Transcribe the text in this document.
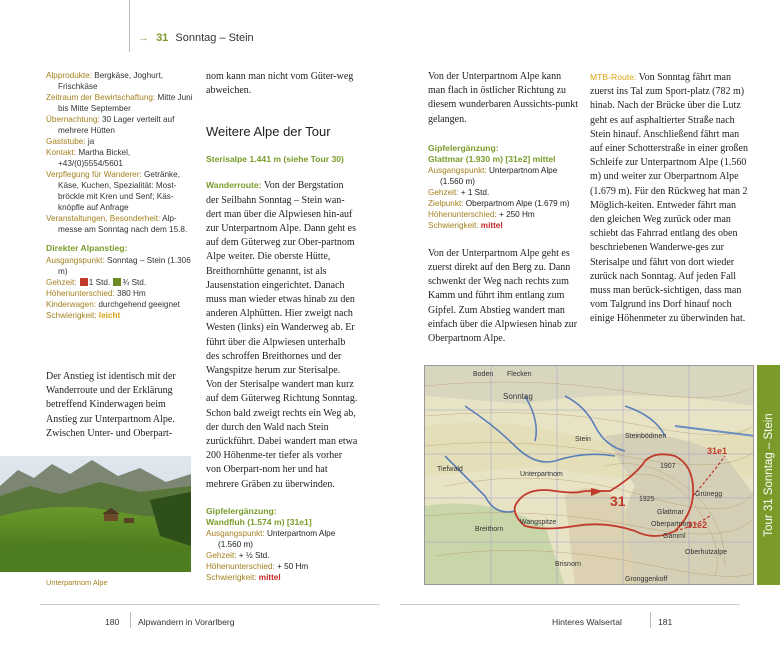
→ 31 Sonntag – Stein
Alpprodukte: Bergkäse, Joghurt, Frischkäse
Zeitraum der Bewirtschaftung: Mitte Juni bis Mitte September
Übernachtung: 30 Lager verteilt auf mehrere Hütten
Gaststube: ja
Kontakt: Martha Bickel, +43/(0)5554/5601
Verpflegung für Wanderer: Getränke, Käse, Kuchen, Spezialität: Most-bröckle mit Kren und Senf; Käs-knöpfle auf Anfrage
Veranstaltungen, Besonderheit: Alp-messe am Sonntag nach dem 15.8.
Direkter Alpanstieg:
Ausgangspunkt: Sonntag – Stein (1.306 m)
Gehzeit: 1 Std. ¾ Std.
Höhenunterschied: 380 Hm
Kinderwagen: durchgehend geeignet
Schwierigkeit: leicht
Der Anstieg ist identisch mit der Wanderroute und der Erklärung betreffend Kinderwagen beim Anstieg zur Unterpartnom Alpe. Zwischen Unter- und Oberpart-
Unterpartnom Alpe
nom kann man nicht vom Güter-weg abweichen.
Weitere Alpe der Tour
Sterisalpe 1.441 m (siehe Tour 30)
Wanderroute: Von der Bergstation der Seilbahn Sonntag – Stein wan-dert man über die Alpwiesen hin-auf zur Unterpartnom Alpe. Dann geht es auf dem Güterweg zur Ober-partnom Alpe weiter. Die oberste Hütte, Breithornhütte genannt, ist als Jausenstation eingerichtet. Danach muss man wieder etwas hinab zu den anderen Alphütten. Hier zweigt nach Westen (links) ein Wanderweg ab. Er führt über die Alpwiesen unterhalb des schroffen Breithornes und der Wangspitze herum zur Sterisalpe. Von der Sterisalpe wandert man kurz auf dem Güterweg Richtung Sonntag. Schon bald zweigt rechts ein Weg ab, der durch den Wald nach Stein zurückführt. Dabei wandert man etwa 200 Höhenme-ter tiefer als vorher von Oberpart-nom her und hat mehrere Gräben zu überwinden.
Gipfelergänzung:
Wandfluh (1.574 m) [31e1]
Ausgangspunkt: Unterpartnom Alpe (1.560 m)
Gehzeit: + ½ Std.
Höhenunterschied: + 50 Hm
Schwierigkeit: mittel
Von der Unterpartnom Alpe kann man flach in östlicher Richtung zu diesem wunderbaren Aussichts-punkt gelangen.
Gipfelergänzung:
Glattmar (1.930 m) [31e2] mittel
Ausgangspunkt: Unterpartnom Alpe (1.560 m)
Gehzeit: + 1 Std.
Zielpunkt: Oberpartnom Alpe (1.679 m)
Höhenunterschied: + 250 Hm
Schwierigkeit: mittel
Von der Unterpartnom Alpe geht es zuerst direkt auf den Berg zu. Dann schwenkt der Weg nach rechts zum Kamm und führt ihm entlang zum Gipfel. Zum Abstieg wandert man einfach über die Alpwiesen hinab zur Oberpartnom Alpe.
MTB-Route: Von Sonntag fährt man zuerst ins Tal zum Sport-platz (782 m) hinab. Nach der Brücke über die Lutz geht es auf asphaltierter Straße nach Stein hinauf. Anschließend fährt man auf einer Schotterstraße in einer großen Schleife zur Unterpartnom Alpe (1.560 m) und weiter zur Oberpartnom Alpe (1.679 m). Für den Rückweg hat man 2 Möglich-keiten. Entweder fährt man den gleichen Weg zurück oder man schiebt das Fahrrad entlang des oben beschriebenen Wanderwe-ges zur Sterisalpe und fährt von dort wieder zurück nach Sonntag. Auf jeden Fall muss man berück-sichtigen, dass man vom Talgrund ins Dorf hinauf noch einige Höhenmeter zu überwinden hat.
Boden Flecken
Sonntag
Stein	Steinbödmen
Tiefwald
Unterpartnom
Wangspitze
Breithorn
Brisnorn
Glattmar
Oberpartnom
Gamml
Oberhutzalpe
Grünegg
Gronggenkoff
1907
1925
31
31e1
31e2	Tour 31 Sonntag – Stein
180 Alpwandern in Vorarlberg	Hinteres Walsertal	181
